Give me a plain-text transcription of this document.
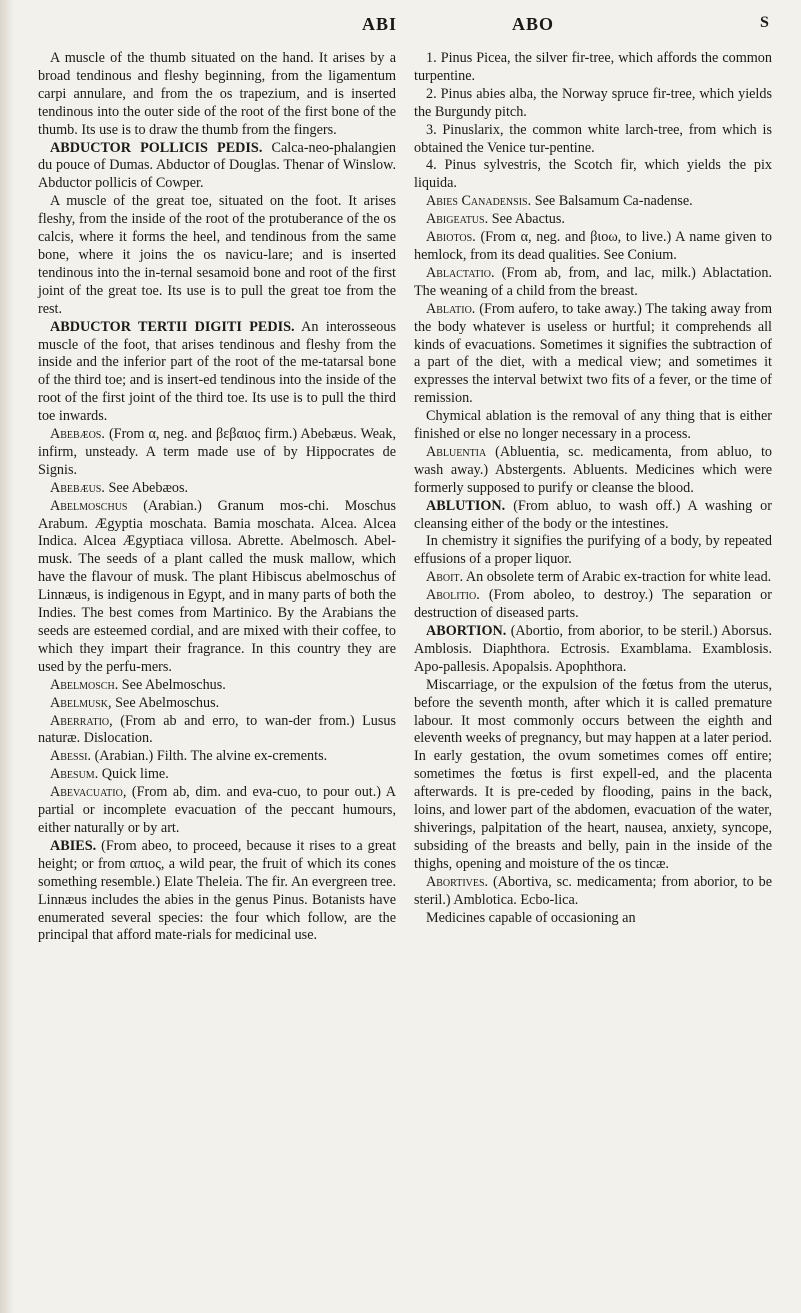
ABI	ABO	S

A muscle of the thumb situated on the hand. It arises by a broad tendinous and fleshy beginning, from the ligamentum carpi annulare, and from the os trapezium, and is inserted tendinous into the outer side of the root of the first bone of the thumb. Its use is to draw the thumb from the fingers.

ABDUCTOR POLLICIS PEDIS. Calca-neo-phalangien du pouce of Dumas. Abductor of Douglas. Thenar of Winslow. Abductor pollicis of Cowper.

A muscle of the great toe, situated on the foot. It arises fleshy, from the inside of the root of the protuberance of the os calcis, where it forms the heel, and tendinous from the same bone, where it joins the os navicu-lare; and is inserted tendinous into the in-ternal sesamoid bone and root of the first joint of the great toe. Its use is to pull the great toe from the rest.

ABDUCTOR TERTII DIGITI PEDIS. An interosseous muscle of the foot, that arises tendinous and fleshy from the inside and the inferior part of the root of the me-tatarsal bone of the third toe; and is insert-ed tendinous into the inside of the root of the first joint of the third toe. Its use is to pull the third toe inwards.

Abebæos. (From α, neg. and βεβαιος firm.) Abebæus. Weak, infirm, unsteady. A term made use of by Hippocrates de Signis.

Abebæus. See Abebæos.

Abelmoschus (Arabian.) Granum mos-chi. Moschus Arabum. Ægyptia moschata. Bamia moschata. Alcea. Alcea Indica. Alcea Ægyptiaca villosa. Abrette. Abelmosch. Abel-musk. The seeds of a plant called the musk mallow, which have the flavour of musk. The plant Hibiscus abelmoschus of Linnæus, is indigenous in Egypt, and in many parts of both the Indies. The best comes from Martinico. By the Arabians the seeds are esteemed cordial, and are mixed with their coffee, to which they impart their fragrance. In this country they are used by the perfu-mers.

Abelmosch. See Abelmoschus.

Abelmusk, See Abelmoschus.

Aberratio, (From ab and erro, to wan-der from.) Lusus naturæ. Dislocation.

Abessi. (Arabian.) Filth. The alvine ex-crements.

Abesum. Quick lime.

Abevacuatio, (From ab, dim. and eva-cuo, to pour out.) A partial or incomplete evacuation of the peccant humours, either naturally or by art.

ABIES. (From abeo, to proceed, because it rises to a great height; or from απιος, a wild pear, the fruit of which its cones something resemble.) Elate Theleia. The fir. An evergreen tree. Linnæus includes the abies in the genus Pinus. Botanists have enumerated several species: the four which follow, are the principal that afford mate-rials for medicinal use.

1. Pinus Picea, the silver fir-tree, which affords the common turpentine.

2. Pinus abies alba, the Norway spruce fir-tree, which yields the Burgundy pitch.

3. Pinuslarix, the common white larch-tree, from which is obtained the Venice tur-pentine.

4. Pinus sylvestris, the Scotch fir, which yields the pix liquida.

Abies Canadensis. See Balsamum Ca-nadense.

Abigeatus. See Abactus.

Abiotos. (From α, neg. and βιοω, to live.) A name given to hemlock, from its dead qualities. See Conium.

Ablactatio. (From ab, from, and lac, milk.) Ablactation. The weaning of a child from the breast.

Ablatio. (From aufero, to take away.) The taking away from the body whatever is useless or hurtful; it comprehends all kinds of evacuations. Sometimes it signifies the subtraction of a part of the diet, with a medical view; and sometimes it expresses the interval betwixt two fits of a fever, or the time of remission.

Chymical ablation is the removal of any thing that is either finished or else no longer necessary in a process.

Abluentia (Abluentia, sc. medicamenta, from abluo, to wash away.) Abstergents. Abluents. Medicines which were formerly supposed to purify or cleanse the blood.

ABLUTION. (From abluo, to wash off.) A washing or cleansing either of the body or the intestines.

In chemistry it signifies the purifying of a body, by repeated effusions of a proper liquor.

Aboit. An obsolete term of Arabic ex-traction for white lead.

Abolitio. (From aboleo, to destroy.) The separation or destruction of diseased parts.

ABORTION. (Abortio, from aborior, to be steril.) Aborsus. Amblosis. Diaphthora. Ectrosis. Examblama. Examblosis. Apo-pallesis. Apopalsis. Apophthora.

Miscarriage, or the expulsion of the fœtus from the uterus, before the seventh month, after which it is called premature labour. It most commonly occurs between the eighth and eleventh weeks of pregnancy, but may happen at a later period. In early gestation, the ovum sometimes comes off entire; sometimes the fœtus is first expell-ed, and the placenta afterwards. It is pre-ceded by flooding, pains in the back, loins, and lower part of the abdomen, evacuation of the water, shiverings, palpitation of the heart, nausea, anxiety, syncope, subsiding of the breasts and belly, pain in the inside of the thighs, opening and moisture of the os tincæ.

Abortives. (Abortiva, sc. medicamenta; from aborior, to be steril.) Amblotica. Ecbo-lica.

Medicines capable of occasioning an
